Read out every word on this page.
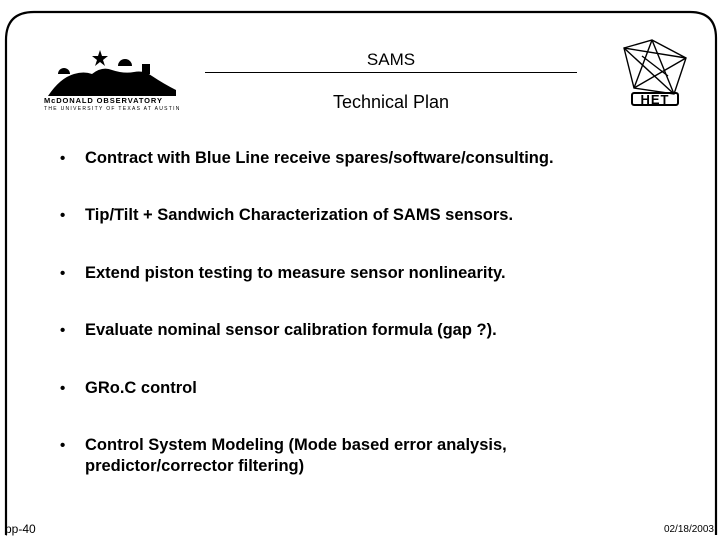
McDONALD OBSERVATORY
THE UNIVERSITY OF TEXAS AT AUSTIN
HET
SAMS
Technical Plan
• Contract with Blue Line receive spares/software/consulting.
• Tip/Tilt + Sandwich Characterization of SAMS sensors.
• Extend piston testing to measure sensor nonlinearity.
• Evaluate nominal sensor calibration formula (gap ?).
• GRo.C control
• Control System Modeling (Mode based error analysis, predictor/corrector filtering)
pp-40	02/18/2003
